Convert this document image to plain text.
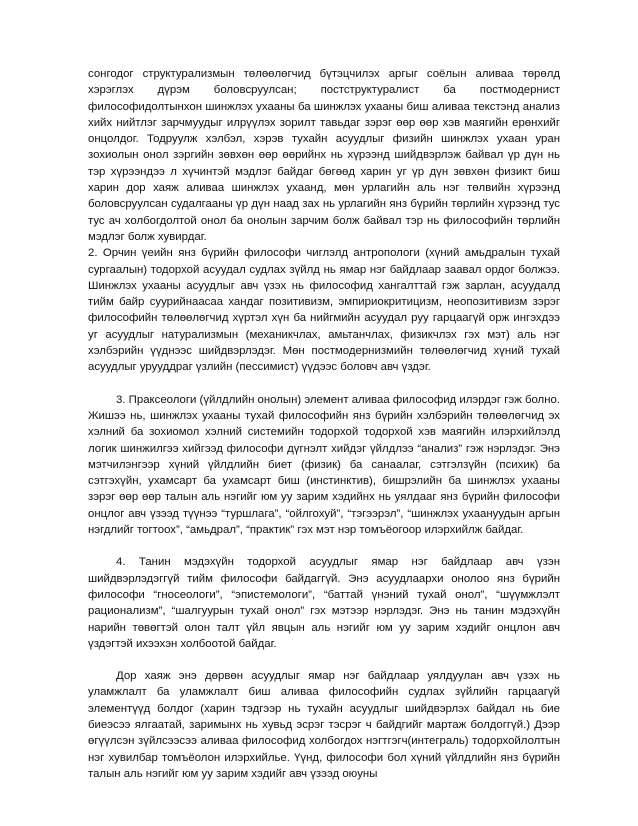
сонгодог структурализмын төлөөлөгчид бүтэцчилэх аргыг соёлын аливаа төрөлд хэрэглэх дүрэм боловсруулсан; постструктуралист ба постмодернист философидолтынхон шинжлэх ухааны ба шинжлэх ухааны биш аливаа текстэнд анализ хийх нийтлэг зарчмуудыг илрүүлэх зорилт тавьдаг зэрэг өөр өөр хэв маягийн ерөнхийг онцолдог. Тодруулж хэлбэл, хэрэв тухайн асуудлыг физийн шинжлэх ухаан уран зохиолын онол зэргийн зөвхөн өөр өөрийнх нь хүрээнд шийдвэрлэж байвал үр дүн нь тэр хүрээндээ л хүчинтэй мэдлэг байдаг бөгөөд харин уг үр дүн зөвхөн физикт биш харин дор хаяж аливаа шинжлэх ухаанд, мөн урлагийн аль нэг төлвийн хүрээнд боловсруулсан судалгааны үр дүн наад зах нь урлагийн янз бүрийн төрлийн хүрээнд тус тус ач холбогдолтой онол ба онолын зарчим болж байвал тэр нь философийн төрлийн мэдлэг болж хувирдаг.

2. Орчин үеийн янз бүрийн философи чиглэлд антропологи (хүний амьдралын тухай сургаалын) тодорхой асуудал судлах зүйлд нь ямар нэг байдлаар заавал ордог болжээ. Шинжлэх ухааны асуудлыг авч үзэх нь философид хангалттай гэж зарлан, асуудалд тийм байр суурийнаасаа хандаг позитивизм, эмпириокритицизм, неопозитивизм зэрэг философийн төлөөлөгчид хүртэл хүн ба нийгмийн асуудал руу гарцаагүй орж ингэхдээ уг асуудлыг натурализмын (механикчлах, амьтанчлах, физикчлэх гэх мэт) аль нэг хэлбэрийн үүднээс шийдвэрлэдэг. Мөн постмодернизмийн төлөөлөгчид хүний тухай асуудлыг урууддраг үзлийн (пессимист) үүдээс боловч авч үздэг.

3. Праксеологи (үйлдлийн онолын) элемент аливаа философид илэрдэг гэж болно. Жишээ нь, шинжлэх ухааны тухай философийн янз бүрийн хэлбэрийн төлөөлөгчид эх хэлний ба зохиомол хэлний системийн тодорхой тодорхой хэв маягийн илэрхийлэлд логик шинжилгээ хийгээд философи дүгнэлт хийдэг үйлдлээ “анализ” гэж нэрлэдэг. Энэ мэтчилэнгээр хүний үйлдлийн биет (физик) ба санаалаг, сэтгэлзүйн (психик) ба сэтгэхүйн, ухамсарт ба ухамсарт биш (инстинктив), бишрэлийн ба шинжлэх ухааны зэрэг өөр өөр талын аль нэгийг юм уу зарим хэдийнх нь уялдааг янз бүрийн философи онцлог авч үзээд түүнээ “туршлага”, “ойлгохуй”, “тэгээрэл”, “шинжлэх ухаануудын аргын нэгдлийг тогтоох”, “амьдрал”, “практик” гэх мэт нэр томъёогоор илэрхийлж байдаг.

4. Танин мэдэхүйн тодорхой асуудлыг ямар нэг байдлаар авч үзэн шийдвэрлэдэггүй тийм философи байдаггүй. Энэ асуудлаархи онолоо янз бүрийн философи “гносеологи”, “эпистемологи”, “баттай үнэний тухай онол”, “шүүмжлэлт рационализм”, “шалгуурын тухай онол” гэх мэтээр нэрлэдэг. Энэ нь танин мэдэхүйн нарийн төвөгтэй олон талт үйл явцын аль нэгийг юм уу зарим хэдийг онцлон авч үздэгтэй ихээхэн холбоотой байдаг.

Дор хаяж энэ дөрвөн асуудлыг ямар нэг байдлаар уялдуулан авч үзэх нь уламжлалт ба уламжлалт биш аливаа философийн судлах зүйлийн гарцаагүй элементүүд болдог (харин тэдгээр нь тухайн асуудлыг шийдвэрлэх байдал нь бие биеэсээ ялгаатай, заримынх нь хувьд эсрэг тэсрэг ч байдгийг мартаж болдоггүй.) Дээр өгүүлсэн зүйлсээсээ аливаа философид холбогдох нэгтгэгч(интеграль) тодорхойлолтын нэг хувилбар томъёолон илэрхийлье. Үүнд, философи бол хүний үйлдлийн янз бүрийн талын аль нэгийг юм уу зарим хэдийг авч үзээд оюуны
